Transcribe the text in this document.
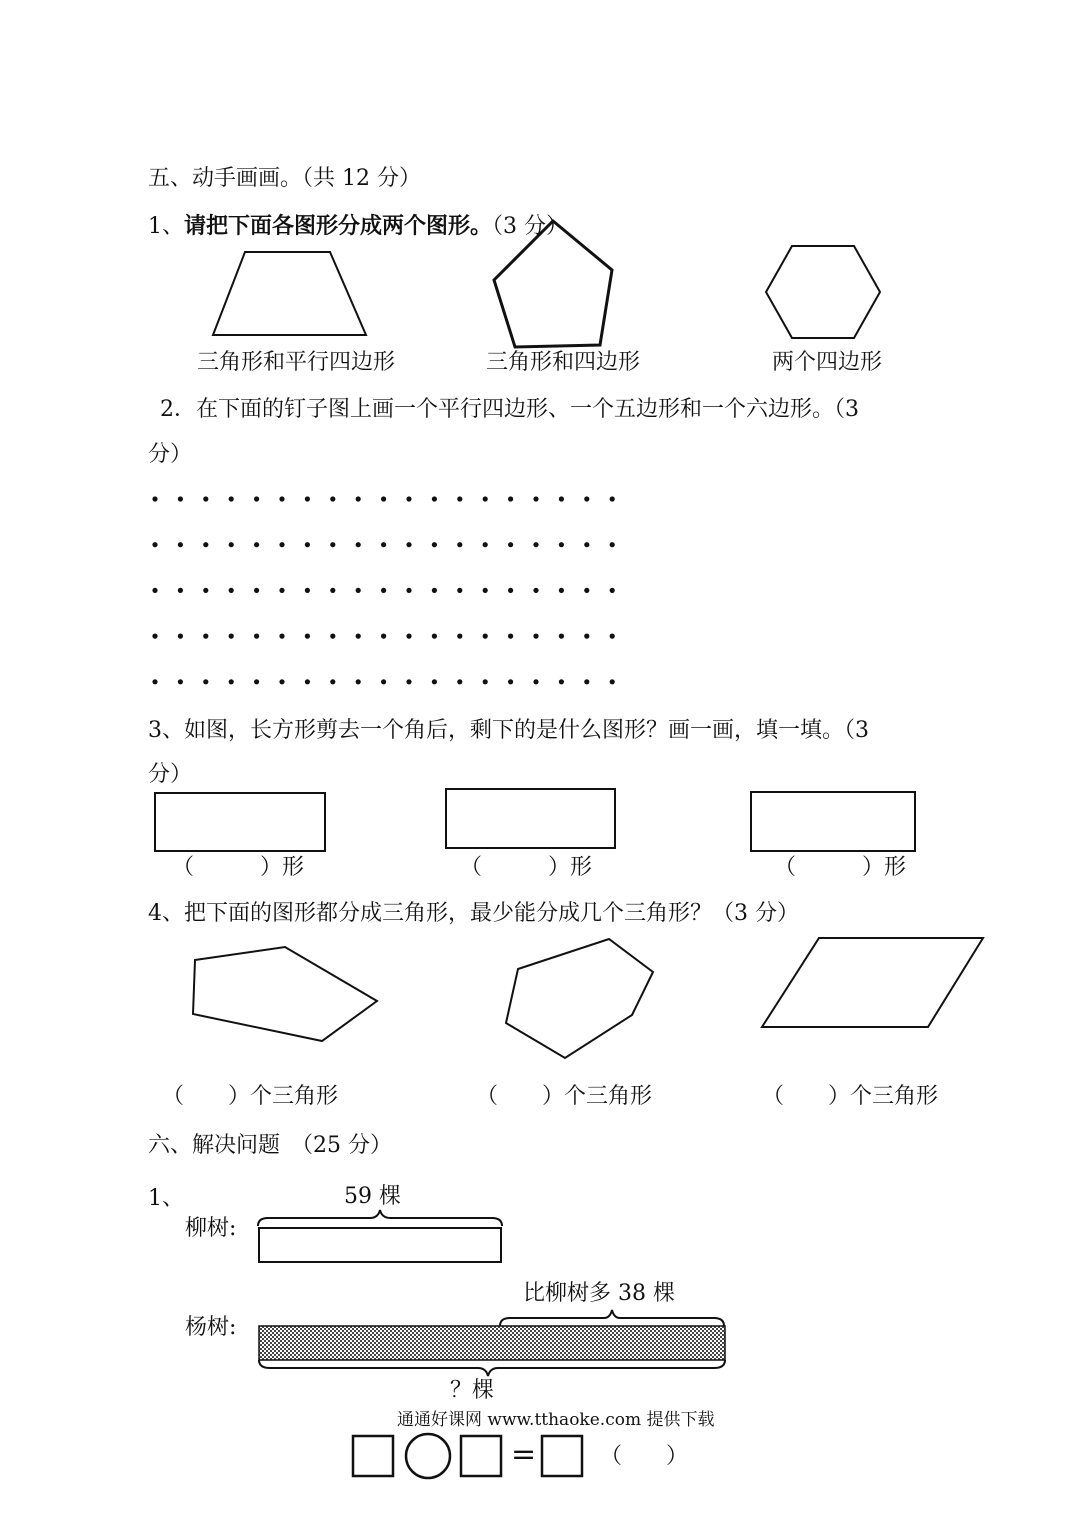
五、动手画画。（共 12 分）
1、请把下面各图形分成两个图形。（3 分）
三角形和平行四边形	三角形和四边形	两个四边形
2．在下面的钉子图上画一个平行四边形、一个五边形和一个六边形。（3
分）
3、如图，长方形剪去一个角后，剩下的是什么图形？画一画，填一填。（3
分）
（　　　）形	（　　　）形	（　　　）形
4、把下面的图形都分成三角形，最少能分成几个三角形？（3 分）
（　　）个三角形	（　　）个三角形	（　　）个三角形
六、解决问题　（25 分）
1、	59 棵
柳树:
比柳树多 38 棵
杨树:
？棵
通通好课网 www.tthaoke.com 提供下载
=	（　　）
